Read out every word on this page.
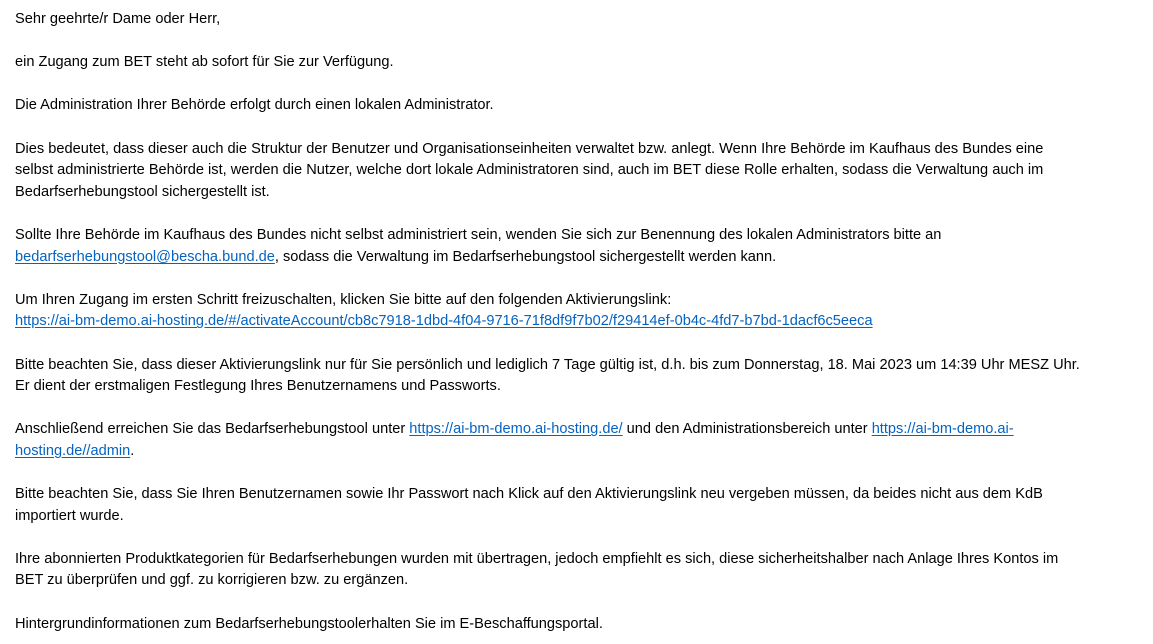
Sehr geehrte/r Dame oder Herr,

ein Zugang zum BET steht ab sofort für Sie zur Verfügung.

Die Administration Ihrer Behörde erfolgt durch einen lokalen Administrator.

Dies bedeutet, dass dieser auch die Struktur der Benutzer und Organisationseinheiten verwaltet bzw. anlegt. Wenn Ihre Behörde im Kaufhaus des Bundes eine
selbst administrierte Behörde ist, werden die Nutzer, welche dort lokale Administratoren sind, auch im BET diese Rolle erhalten, sodass die Verwaltung auch im
Bedarfserhebungstool sichergestellt ist.

Sollte Ihre Behörde im Kaufhaus des Bundes nicht selbst administriert sein, wenden Sie sich zur Benennung des lokalen Administrators bitte an
bedarfserhebungstool@bescha.bund.de, sodass die Verwaltung im Bedarfserhebungstool sichergestellt werden kann.

Um Ihren Zugang im ersten Schritt freizuschalten, klicken Sie bitte auf den folgenden Aktivierungslink:
https://ai-bm-demo.ai-hosting.de/#/activateAccount/cb8c7918-1dbd-4f04-9716-71f8df9f7b02/f29414ef-0b4c-4fd7-b7bd-1dacf6c5eeca

Bitte beachten Sie, dass dieser Aktivierungslink nur für Sie persönlich und lediglich 7 Tage gültig ist, d.h. bis zum Donnerstag, 18. Mai 2023 um 14:39 Uhr MESZ Uhr.
Er dient der erstmaligen Festlegung Ihres Benutzernamens und Passworts.

Anschließend erreichen Sie das Bedarfserhebungstool unter https://ai-bm-demo.ai-hosting.de/ und den Administrationsbereich unter https://ai-bm-demo.ai-
hosting.de//admin.

Bitte beachten Sie, dass Sie Ihren Benutzernamen sowie Ihr Passwort nach Klick auf den Aktivierungslink neu vergeben müssen, da beides nicht aus dem KdB
importiert wurde.

Ihre abonnierten Produktkategorien für Bedarfserhebungen wurden mit übertragen, jedoch empfiehlt es sich, diese sicherheitshalber nach Anlage Ihres Kontos im
BET zu überprüfen und ggf. zu korrigieren bzw. zu ergänzen.

Hintergrundinformationen zum Bedarfserhebungstoolerhalten Sie im E-Beschaffungsportal.
